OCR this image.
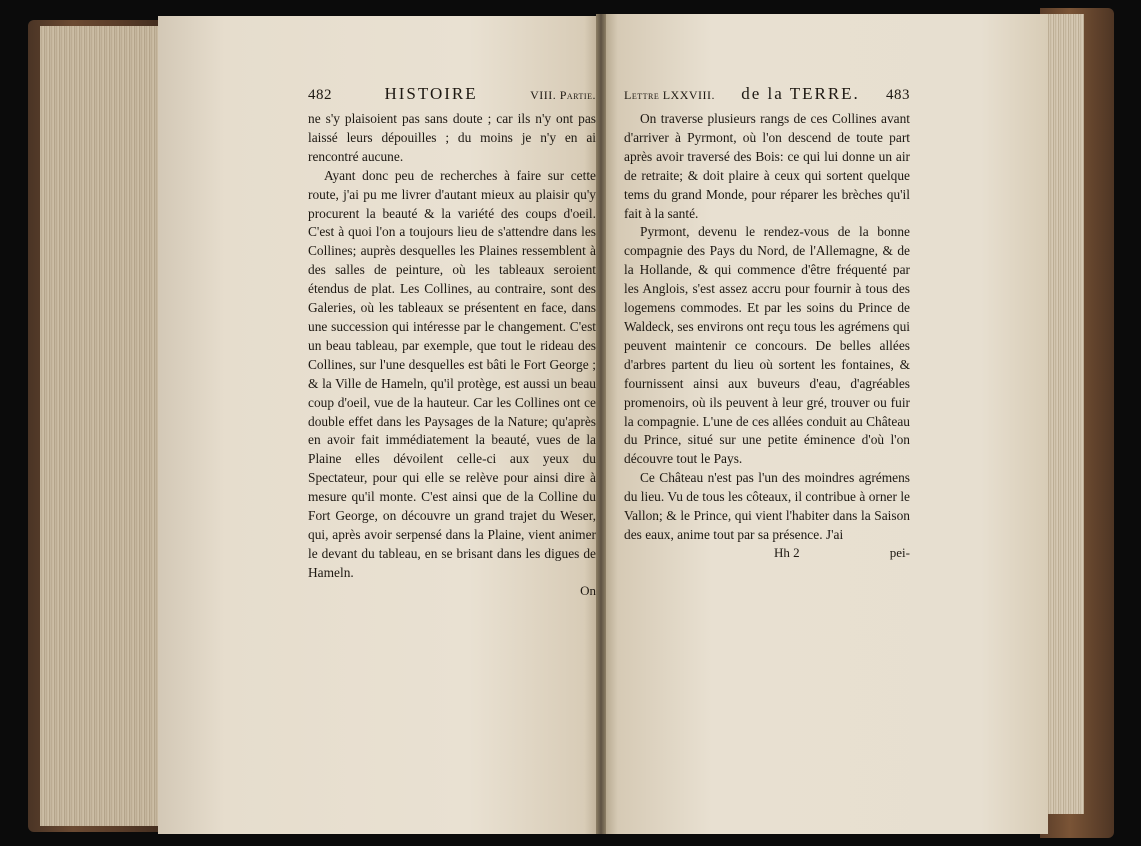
482	HISTOIRE	VIII. Partie.

ne s'y plaisoient pas sans doute ; car ils n'y ont pas laissé leurs dépouilles ; du moins je n'y en ai rencontré aucune.

Ayant donc peu de recherches à faire sur cette route, j'ai pu me livrer d'autant mieux au plaisir qu'y procurent la beauté & la variété des coups d'oeil. C'est à quoi l'on a toujours lieu de s'attendre dans les Collines; auprès desquelles les Plaines ressemblent à des salles de peinture, où les tableaux seroient étendus de plat. Les Collines, au contraire, sont des Galeries, où les tableaux se présentent en face, dans une succession qui intéresse par le changement. C'est un beau tableau, par exemple, que tout le rideau des Collines, sur l'une desquelles est bâti le Fort George ; & la Ville de Hameln, qu'il protège, est aussi un beau coup d'oeil, vue de la hauteur. Car les Collines ont ce double effet dans les Paysages de la Nature; qu'après en avoir fait immédiatement la beauté, vues de la Plaine elles dévoilent celle-ci aux yeux du Spectateur, pour qui elle se relève pour ainsi dire à mesure qu'il monte. C'est ainsi que de la Colline du Fort George, on découvre un grand trajet du Weser, qui, après avoir serpensé dans la Plaine, vient animer le devant du tableau, en se brisant dans les digues de Hameln.

On
Lettre LXXVIII. de la TERRE. 483

On traverse plusieurs rangs de ces Collines avant d'arriver à Pyrmont, où l'on descend de toute part après avoir traversé des Bois: ce qui lui donne un air de retraite; & doit plaire à ceux qui sortent quelque tems du grand Monde, pour réparer les brèches qu'il fait à la santé.

Pyrmont, devenu le rendez-vous de la bonne compagnie des Pays du Nord, de l'Allemagne, & de la Hollande, & qui commence d'être fréquenté par les Anglois, s'est assez accru pour fournir à tous des logemens commodes. Et par les soins du Prince de Waldeck, ses environs ont reçu tous les agrémens qui peuvent maintenir ce concours. De belles allées d'arbres partent du lieu où sortent les fontaines, & fournissent ainsi aux buveurs d'eau, d'agréables promenoirs, où ils peuvent à leur gré, trouver ou fuir la compagnie. L'une de ces allées conduit au Château du Prince, situé sur une petite éminence d'où l'on découvre tout le Pays.

Ce Château n'est pas l'un des moindres agrémens du lieu. Vu de tous les côteaux, il contribue à orner le Vallon; & le Prince, qui vient l'habiter dans la Saison des eaux, anime tout par sa présence. J'ai

Hh 2	pei-
